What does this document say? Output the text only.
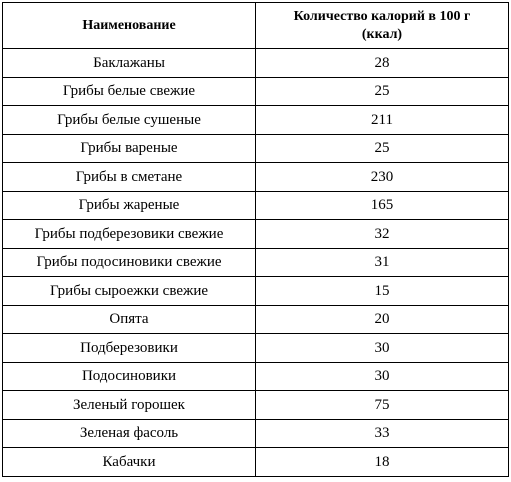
Наименование	Количество калорий в 100 г
(ккал)

Баклажаны	28
Грибы белые свежие	25
Грибы белые сушеные	211
Грибы вареные	25
Грибы в сметане	230
Грибы жареные	165
Грибы подберезовики свежие	32
Грибы подосиновики свежие	31
Грибы сыроежки свежие	15
Опята	20
Подберезовики	30
Подосиновики	30
Зеленый горошек	75
Зеленая фасоль	33
Кабачки	18
